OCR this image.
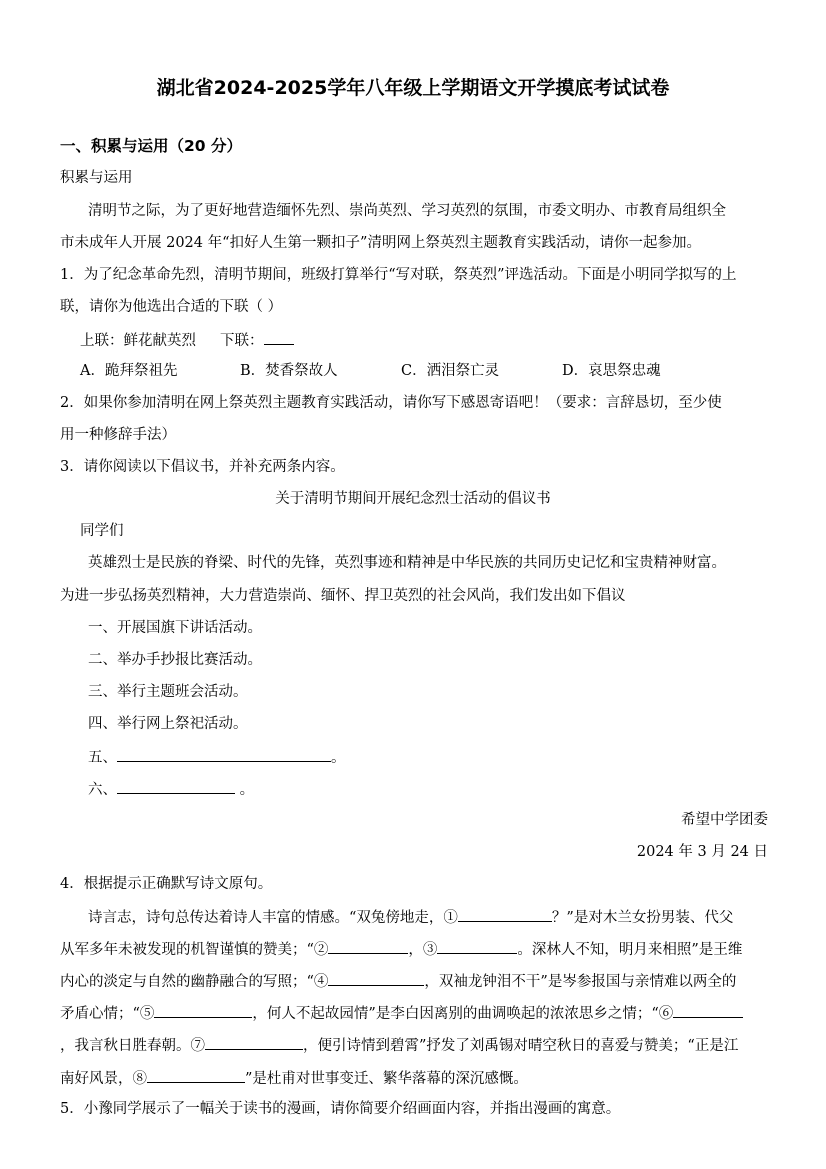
湖北省2024-2025学年八年级上学期语文开学摸底考试试卷
一、积累与运用（20 分）
积累与运用
清明节之际，为了更好地营造缅怀先烈、崇尚英烈、学习英烈的氛围，市委文明办、市教育局组织全
市未成年人开展 2024 年“扣好人生第一颗扣子”清明网上祭英烈主题教育实践活动，请你一起参加。
1．为了纪念革命先烈，清明节期间，班级打算举行“写对联，祭英烈”评选活动。下面是小明同学拟写的上
联，请你为他选出合适的下联（ ）
上联：鲜花献英烈 下联：
A．跪拜祭祖先	B．焚香祭故人	C．洒泪祭亡灵	D．哀思祭忠魂
2．如果你参加清明在网上祭英烈主题教育实践活动，请你写下感恩寄语吧！（要求：言辞恳切，至少使
用一种修辞手法）
3．请你阅读以下倡议书，并补充两条内容。
关于清明节期间开展纪念烈士活动的倡议书
同学们
英雄烈士是民族的脊梁、时代的先锋，英烈事迹和精神是中华民族的共同历史记忆和宝贵精神财富。
为进一步弘扬英烈精神，大力营造崇尚、缅怀、捍卫英烈的社会风尚，我们发出如下倡议
一、开展国旗下讲话活动。
二、举办手抄报比赛活动。
三、举行主题班会活动。
四、举行网上祭祀活动。
五、	。
六、	。
希望中学团委
2024 年 3 月 24 日
4．根据提示正确默写诗文原句。
诗言志，诗句总传达着诗人丰富的情感。“双兔傍地走，①	？”是对木兰女扮男装、代父
从军多年未被发现的机智谨慎的赞美；“②	，③	。深林人不知，明月来相照”是王维
内心的淡定与自然的幽静融合的写照；“④	，双袖龙钟泪不干”是岑参报国与亲情难以两全的
矛盾心情；“⑤	，何人不起故园情”是李白因离别的曲调唤起的浓浓思乡之情；“⑥
，我言秋日胜春朝。⑦	，便引诗情到碧霄”抒发了刘禹锡对晴空秋日的喜爱与赞美；“正是江
南好风景，⑧	”是杜甫对世事变迁、繁华落幕的深沉感慨。
5．小豫同学展示了一幅关于读书的漫画，请你简要介绍画面内容，并指出漫画的寓意。
